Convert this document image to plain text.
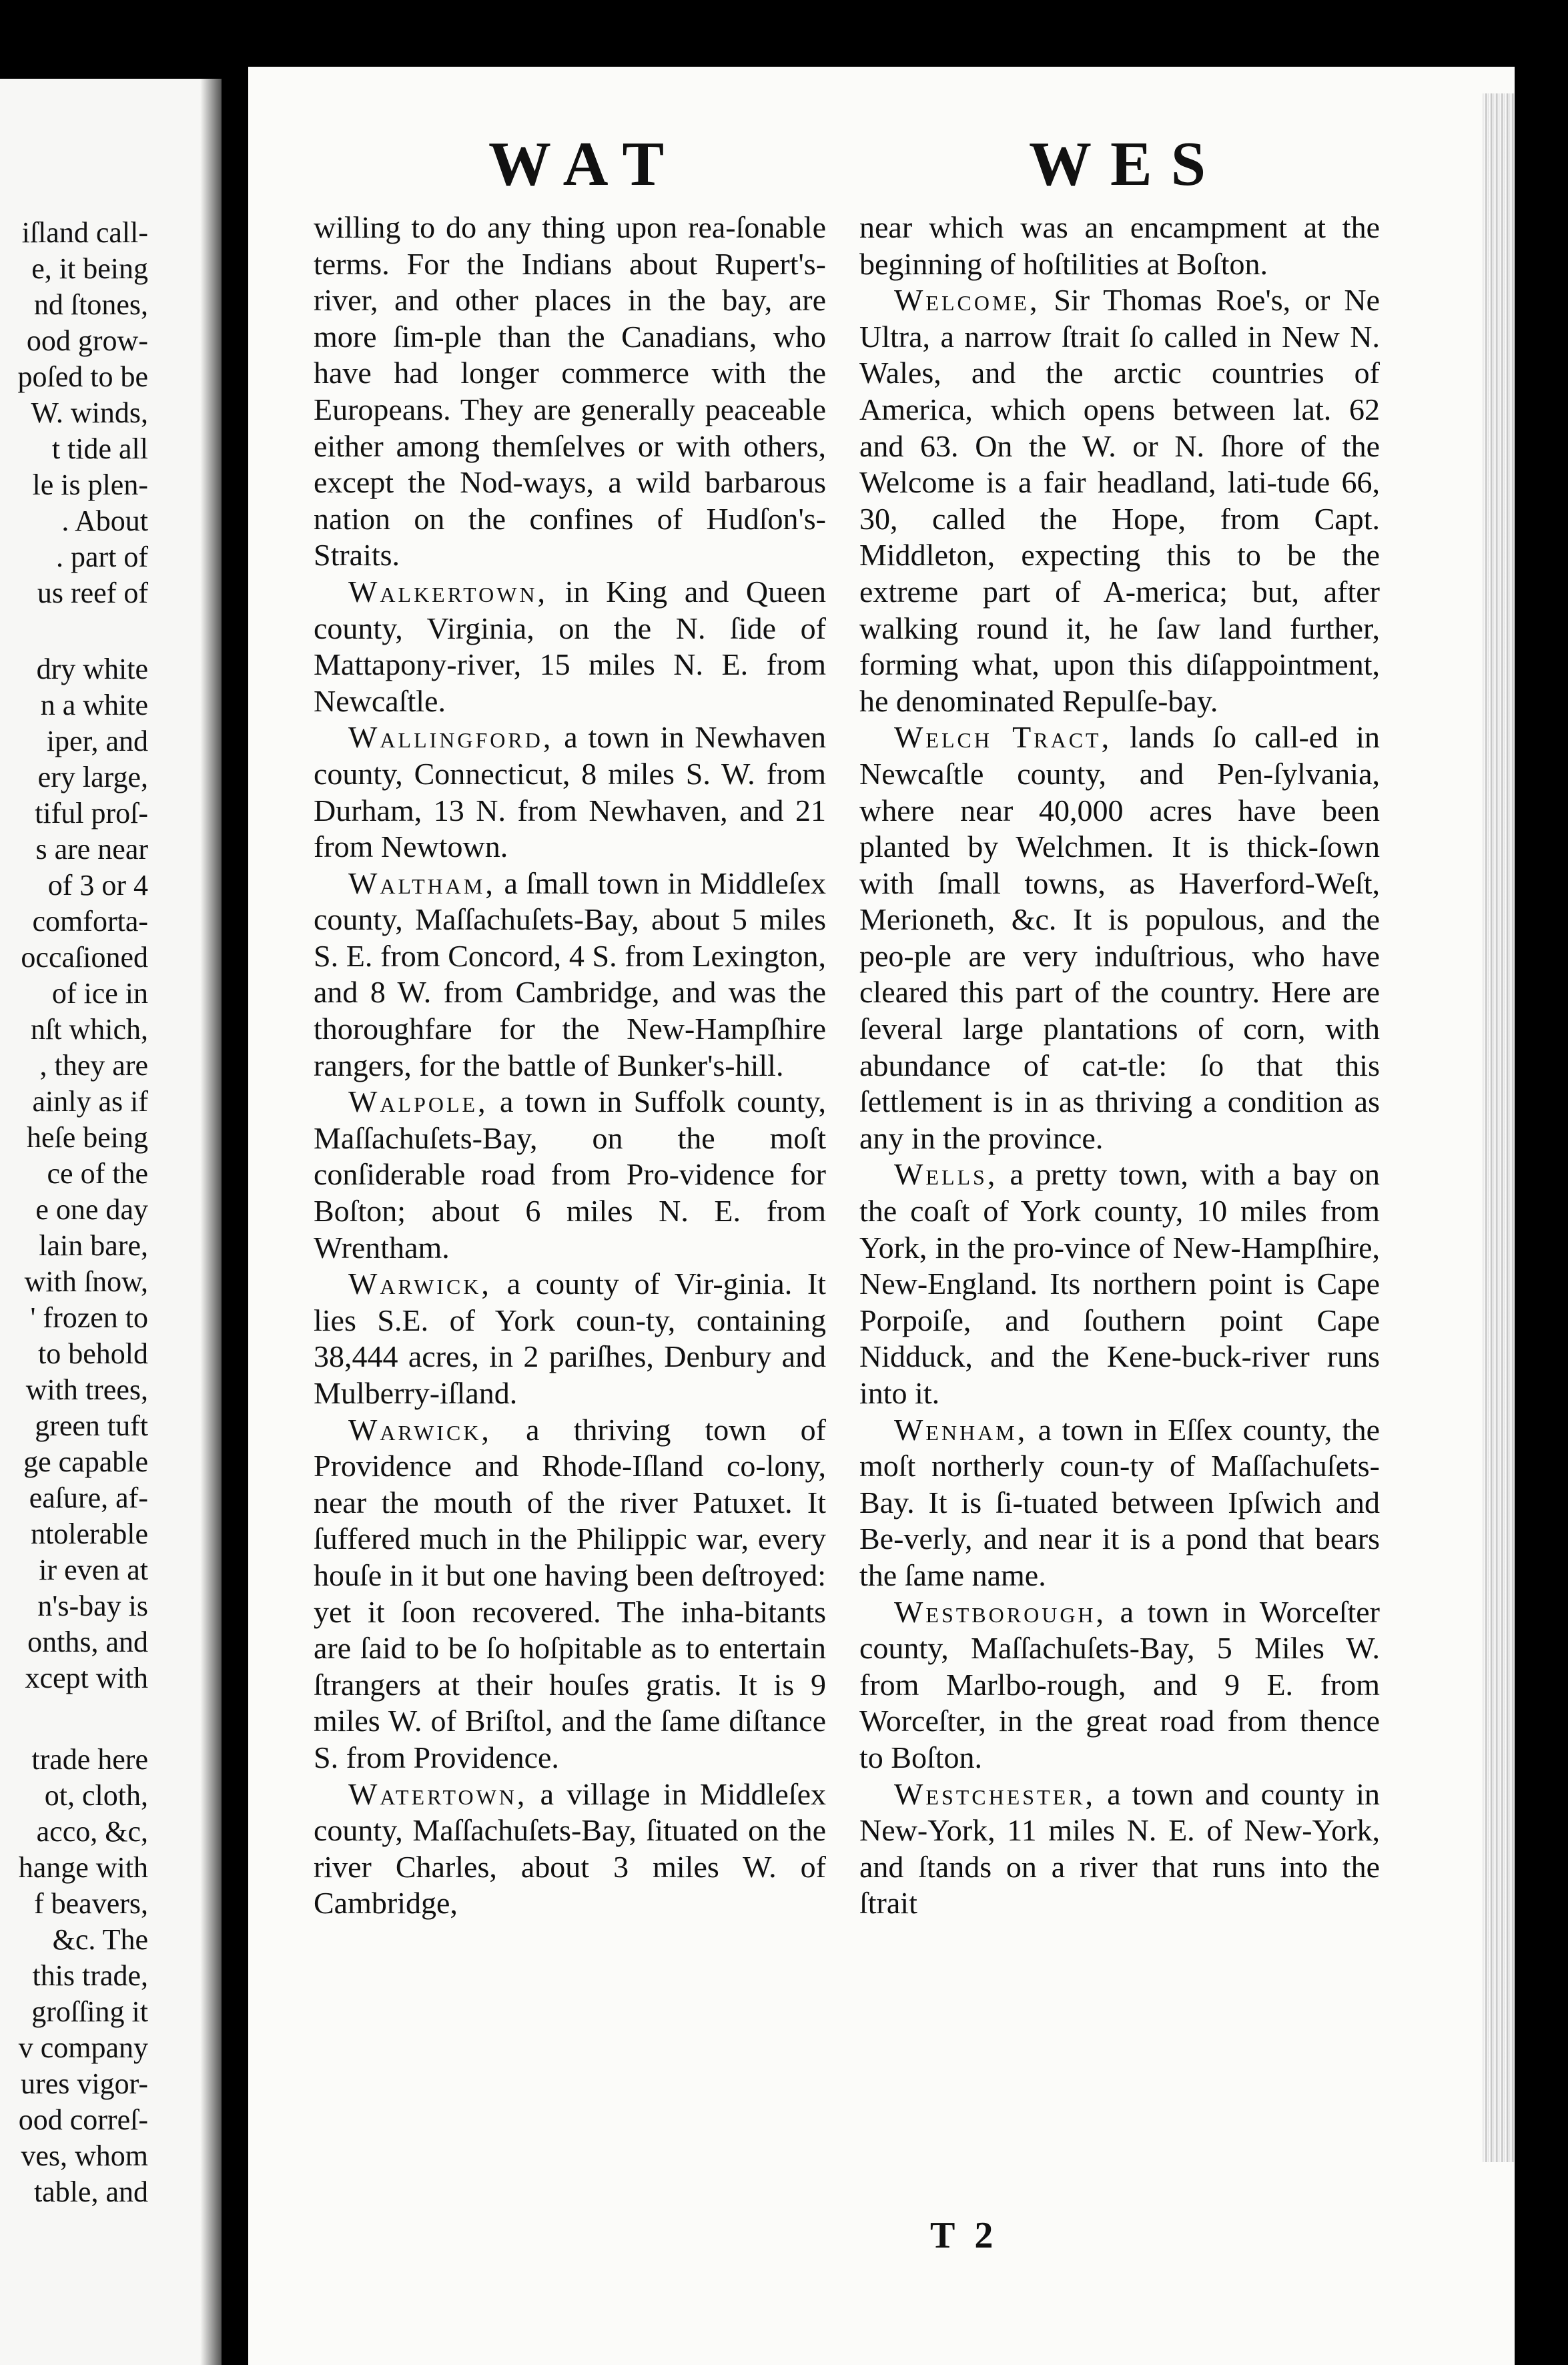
iſland call-
e, it being
nd ſtones,
ood grow-
poſed to be
W. winds,
t tide all
le is plen-
. About
. part of
us reef of
dry white
n a white
iper, and
ery large,
tiful proſ-
s are near
of 3 or 4
comforta-
occaſioned
of ice in
nſt which,
, they are
ainly as if
heſe being
ce of the
e one day
lain bare,
with ſnow,
' frozen to
to behold
with trees,
green tuft
ge capable
eaſure, af-
ntolerable
ir even at
n's-bay is
onths, and
xcept with
trade here
ot, cloth,
acco, &c,
hange with
f beavers,
&c. The
this trade,
groſſing it
v company
ures vigor-
ood correſ-
ves, whom
table, and
WAT	WES

willing to do any thing upon rea-ſonable terms. For the Indians about Rupert's-river, and other places in the bay, are more ſim-ple than the Canadians, who have had longer commerce with the Europeans. They are generally peaceable either among themſelves or with others, except the Nod-ways, a wild barbarous nation on the confines of Hudſon's-Straits.

Walkertown, in King and Queen county, Virginia, on the N. ſide of Mattapony-river, 15 miles N. E. from Newcaſtle.

Wallingford, a town in Newhaven county, Connecticut, 8 miles S. W. from Durham, 13 N. from Newhaven, and 21 from Newtown.

Waltham, a ſmall town in Middleſex county, Maſſachuſets-Bay, about 5 miles S. E. from Concord, 4 S. from Lexington, and 8 W. from Cambridge, and was the thoroughfare for the New-Hampſhire rangers, for the battle of Bunker's-hill.

Walpole, a town in Suffolk county, Maſſachuſets-Bay, on the moſt conſiderable road from Pro-vidence for Boſton; about 6 miles N. E. from Wrentham.

Warwick, a county of Vir-ginia. It lies S.E. of York coun-ty, containing 38,444 acres, in 2 pariſhes, Denbury and Mulberry-iſland.

Warwick, a thriving town of Providence and Rhode-Iſland co-lony, near the mouth of the river Patuxet. It ſuffered much in the Philippic war, every houſe in it but one having been deſtroyed: yet it ſoon recovered. The inha-bitants are ſaid to be ſo hoſpitable as to entertain ſtrangers at their houſes gratis. It is 9 miles W. of Briſtol, and the ſame diſtance S. from Providence.

Watertown, a village in Middleſex county, Maſſachuſets-Bay, ſituated on the river Charles, about 3 miles W. of Cambridge,

near which was an encampment at the beginning of hoſtilities at Boſton.

Welcome, Sir Thomas Roe's, or Ne Ultra, a narrow ſtrait ſo called in New N. Wales, and the arctic countries of America, which opens between lat. 62 and 63. On the W. or N. ſhore of the Welcome is a fair headland, lati-tude 66, 30, called the Hope, from Capt. Middleton, expecting this to be the extreme part of A-merica; but, after walking round it, he ſaw land further, forming what, upon this diſappointment, he denominated Repulſe-bay.

Welch Tract, lands ſo call-ed in Newcaſtle county, and Pen-ſylvania, where near 40,000 acres have been planted by Welchmen. It is thick-ſown with ſmall towns, as Haverford-Weſt, Merioneth, &c. It is populous, and the peo-ple are very induſtrious, who have cleared this part of the country. Here are ſeveral large plantations of corn, with abundance of cat-tle: ſo that this ſettlement is in as thriving a condition as any in the province.

Wells, a pretty town, with a bay on the coaſt of York county, 10 miles from York, in the pro-vince of New-Hampſhire, New-England. Its northern point is Cape Porpoiſe, and ſouthern point Cape Nidduck, and the Kene-buck-river runs into it.

Wenham, a town in Eſſex county, the moſt northerly coun-ty of Maſſachuſets-Bay. It is ſi-tuated between Ipſwich and Be-verly, and near it is a pond that bears the ſame name.

Westborough, a town in Worceſter county, Maſſachuſets-Bay, 5 Miles W. from Marlbo-rough, and 9 E. from Worceſter, in the great road from thence to Boſton.

Westchester, a town and county in New-York, 11 miles N. E. of New-York, and ſtands on a river that runs into the ſtrait

T 2
